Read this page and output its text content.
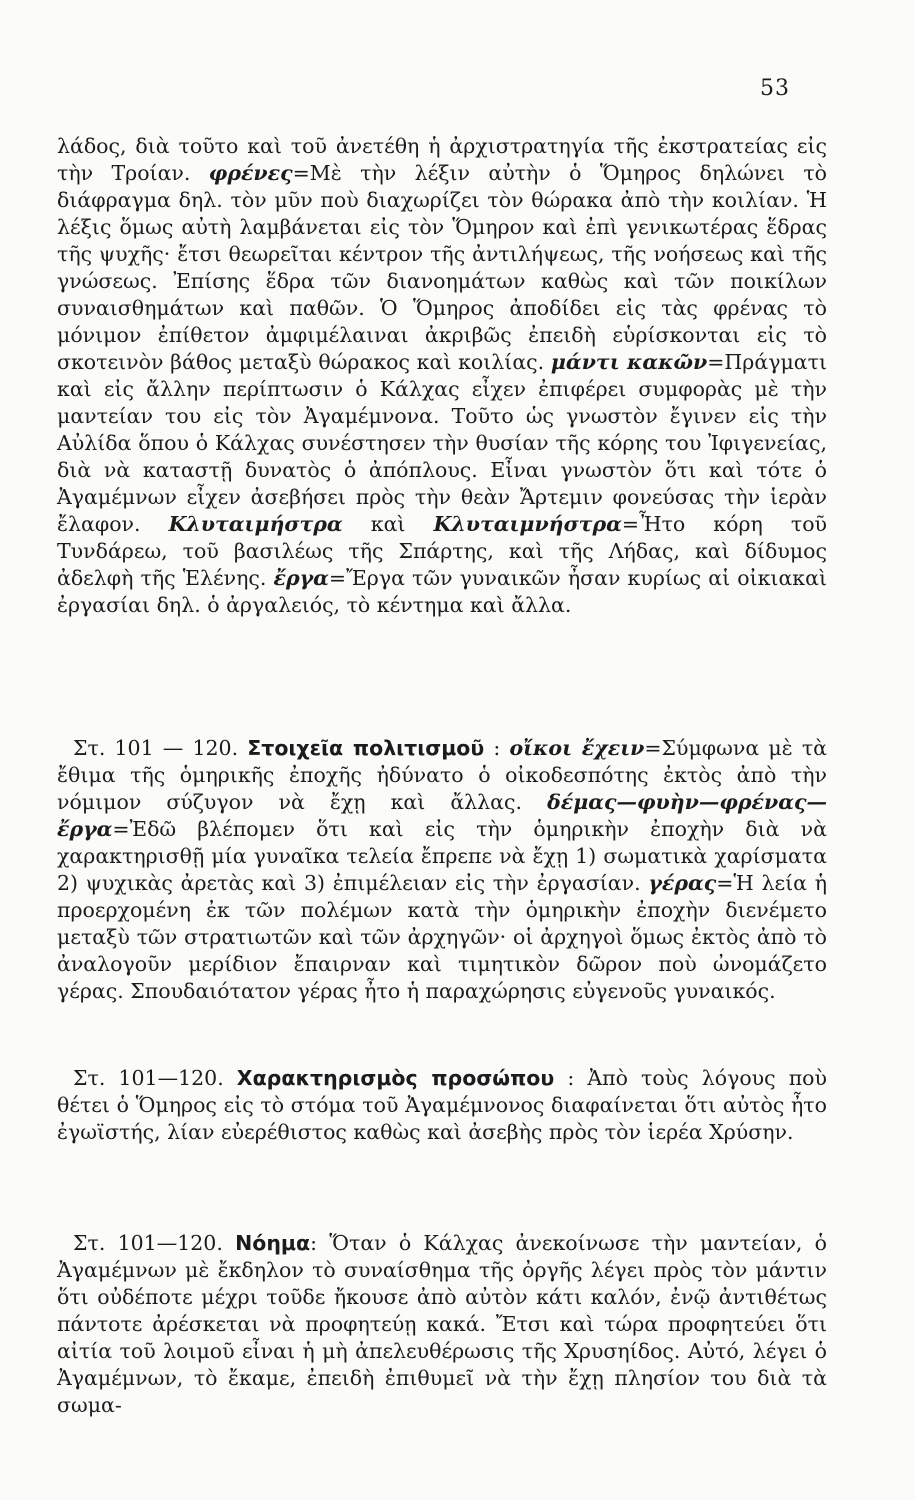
53

λάδος, διὰ τοῦτο καὶ τοῦ ἀνετέθη ἡ ἀρχιστρατηγία τῆς ἐκστρατείας εἰς τὴν Τροίαν. φρένες=Μὲ τὴν λέξιν αὐτὴν ὁ Ὅμηρος δηλώνει τὸ διάφραγμα δηλ. τὸν μῦν ποὺ διαχωρίζει τὸν θώρακα ἀπὸ τὴν κοιλίαν. Ἡ λέξις ὅμως αὐτὴ λαμβάνεται εἰς τὸν Ὅμηρον καὶ ἐπὶ γενικωτέρας ἕδρας τῆς ψυχῆς· ἔτσι θεωρεῖται κέντρον τῆς ἀντιλήψεως, τῆς νοήσεως καὶ τῆς γνώσεως. Ἐπίσης ἕδρα τῶν διανοημάτων καθὼς καὶ τῶν ποικίλων συναισθημάτων καὶ παθῶν. Ὁ Ὅμηρος ἀποδίδει εἰς τὰς φρένας τὸ μόνιμον ἐπίθετον ἀμφιμέλαιναι ἀκριβῶς ἐπειδὴ εὑρίσκονται εἰς τὸ σκοτεινὸν βάθος μεταξὺ θώρακος καὶ κοιλίας. μάντι κακῶν=Πράγματι καὶ εἰς ἄλλην περίπτωσιν ὁ Κάλχας εἶχεν ἐπιφέρει συμφορὰς μὲ τὴν μαντείαν του εἰς τὸν Ἀγαμέμνονα. Τοῦτο ὡς γνωστὸν ἔγινεν εἰς τὴν Αὐλίδα ὅπου ὁ Κάλχας συνέστησεν τὴν θυσίαν τῆς κόρης του Ἰφιγενείας, διὰ νὰ καταστῇ δυνατὸς ὁ ἀπόπλους. Εἶναι γνωστὸν ὅτι καὶ τότε ὁ Ἀγαμέμνων εἶχεν ἀσεβήσει πρὸς τὴν θεὰν Ἄρτεμιν φονεύσας τὴν ἱερὰν ἔλαφον. Κλυταιμήστρα καὶ Κλυταιμνήστρα=Ἦτο κόρη τοῦ Τυνδάρεω, τοῦ βασιλέως τῆς Σπάρτης, καὶ τῆς Λήδας, καὶ δίδυμος ἀδελφὴ τῆς Ἑλένης. ἔργα=Ἔργα τῶν γυναικῶν ἦσαν κυρίως αἱ οἰκιακαὶ ἐργασίαι δηλ. ὁ ἀργαλειός, τὸ κέντημα καὶ ἄλλα.

Στ. 101 — 120. Στοιχεῖα πολιτισμοῦ : οἴκοι ἔχειν=Σύμφωνα μὲ τὰ ἔθιμα τῆς ὁμηρικῆς ἐποχῆς ἠδύνατο ὁ οἰκοδεσπότης ἐκτὸς ἀπὸ τὴν νόμιμον σύζυγον νὰ ἔχῃ καὶ ἄλλας. δέμας—φυὴν—φρένας—ἔργα=Ἐδῶ βλέπομεν ὅτι καὶ εἰς τὴν ὁμηρικὴν ἐποχὴν διὰ νὰ χαρακτηρισθῇ μία γυναῖκα τελεία ἔπρεπε νὰ ἔχῃ 1) σωματικὰ χαρίσματα 2) ψυχικὰς ἀρετὰς καὶ 3) ἐπιμέλειαν εἰς τὴν ἐργασίαν. γέρας=Ἡ λεία ἡ προερχομένη ἐκ τῶν πολέμων κατὰ τὴν ὁμηρικὴν ἐποχὴν διενέμετο μεταξὺ τῶν στρατιωτῶν καὶ τῶν ἀρχηγῶν· οἱ ἀρχηγοὶ ὅμως ἐκτὸς ἀπὸ τὸ ἀναλογοῦν μερίδιον ἔπαιρναν καὶ τιμητικὸν δῶρον ποὺ ὠνομάζετο γέρας. Σπουδαιότατον γέρας ἦτο ἡ παραχώρησις εὐγενοῦς γυναικός.

Στ. 101—120. Χαρακτηρισμὸς προσώπου : Ἀπὸ τοὺς λόγους ποὺ θέτει ὁ Ὅμηρος εἰς τὸ στόμα τοῦ Ἀγαμέμνονος διαφαίνεται ὅτι αὐτὸς ἦτο ἐγωϊστής, λίαν εὐερέθιστος καθὼς καὶ ἀσεβὴς πρὸς τὸν ἱερέα Χρύσην.

Στ. 101—120. Νόημα: Ὅταν ὁ Κάλχας ἀνεκοίνωσε τὴν μαντείαν, ὁ Ἀγαμέμνων μὲ ἔκδηλον τὸ συναίσθημα τῆς ὀργῆς λέγει πρὸς τὸν μάντιν ὅτι οὐδέποτε μέχρι τοῦδε ἤκουσε ἀπὸ αὐτὸν κάτι καλόν, ἐνῷ ἀντιθέτως πάντοτε ἀρέσκεται νὰ προφητεύῃ κακά. Ἔτσι καὶ τώρα προφητεύει ὅτι αἰτία τοῦ λοιμοῦ εἶναι ἡ μὴ ἀπελευθέρωσις τῆς Χρυσηίδος. Αὐτό, λέγει ὁ Ἀγαμέμνων, τὸ ἔκαμε, ἐπειδὴ ἐπιθυμεῖ νὰ τὴν ἔχῃ πλησίον του διὰ τὰ σωμα-
